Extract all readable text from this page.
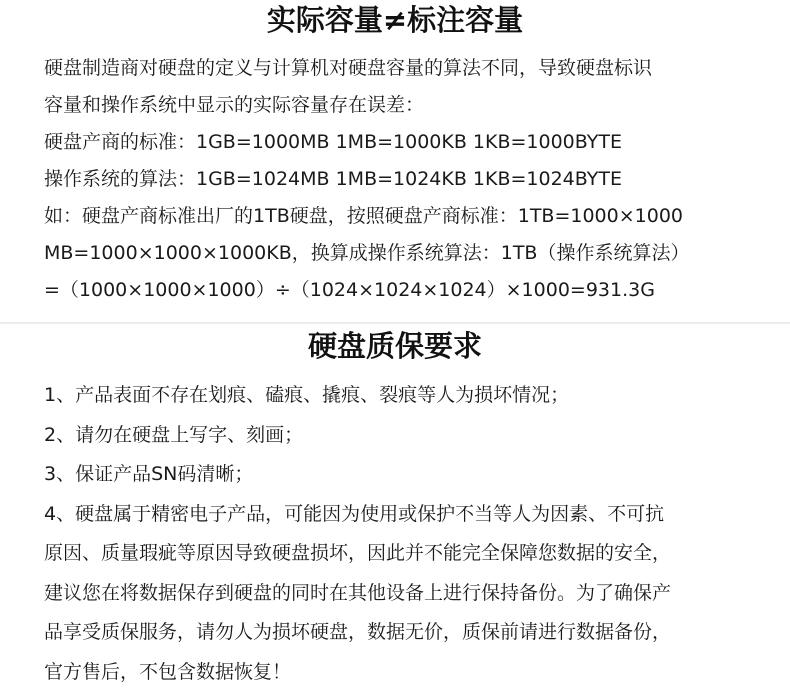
实际容量≠标注容量
硬盘制造商对硬盘的定义与计算机对硬盘容量的算法不同，导致硬盘标识
容量和操作系统中显示的实际容量存在误差：
硬盘产商的标准：1GB=1000MB 1MB=1000KB 1KB=1000BYTE
操作系统的算法：1GB=1024MB 1MB=1024KB 1KB=1024BYTE
如：硬盘产商标准出厂的1TB硬盘，按照硬盘产商标准：1TB=1000×1000
MB=1000×1000×1000KB，换算成操作系统算法：1TB（操作系统算法）
=（1000×1000×1000）÷（1024×1024×1024）×1000=931.3G
硬盘质保要求
1、产品表面不存在划痕、磕痕、撬痕、裂痕等人为损坏情况；
2、请勿在硬盘上写字、刻画；
3、保证产品SN码清晰；
4、硬盘属于精密电子产品，可能因为使用或保护不当等人为因素、不可抗
原因、质量瑕疵等原因导致硬盘损坏，因此并不能完全保障您数据的安全，
建议您在将数据保存到硬盘的同时在其他设备上进行保持备份。为了确保产
品享受质保服务，请勿人为损坏硬盘，数据无价，质保前请进行数据备份，
官方售后，不包含数据恢复！
